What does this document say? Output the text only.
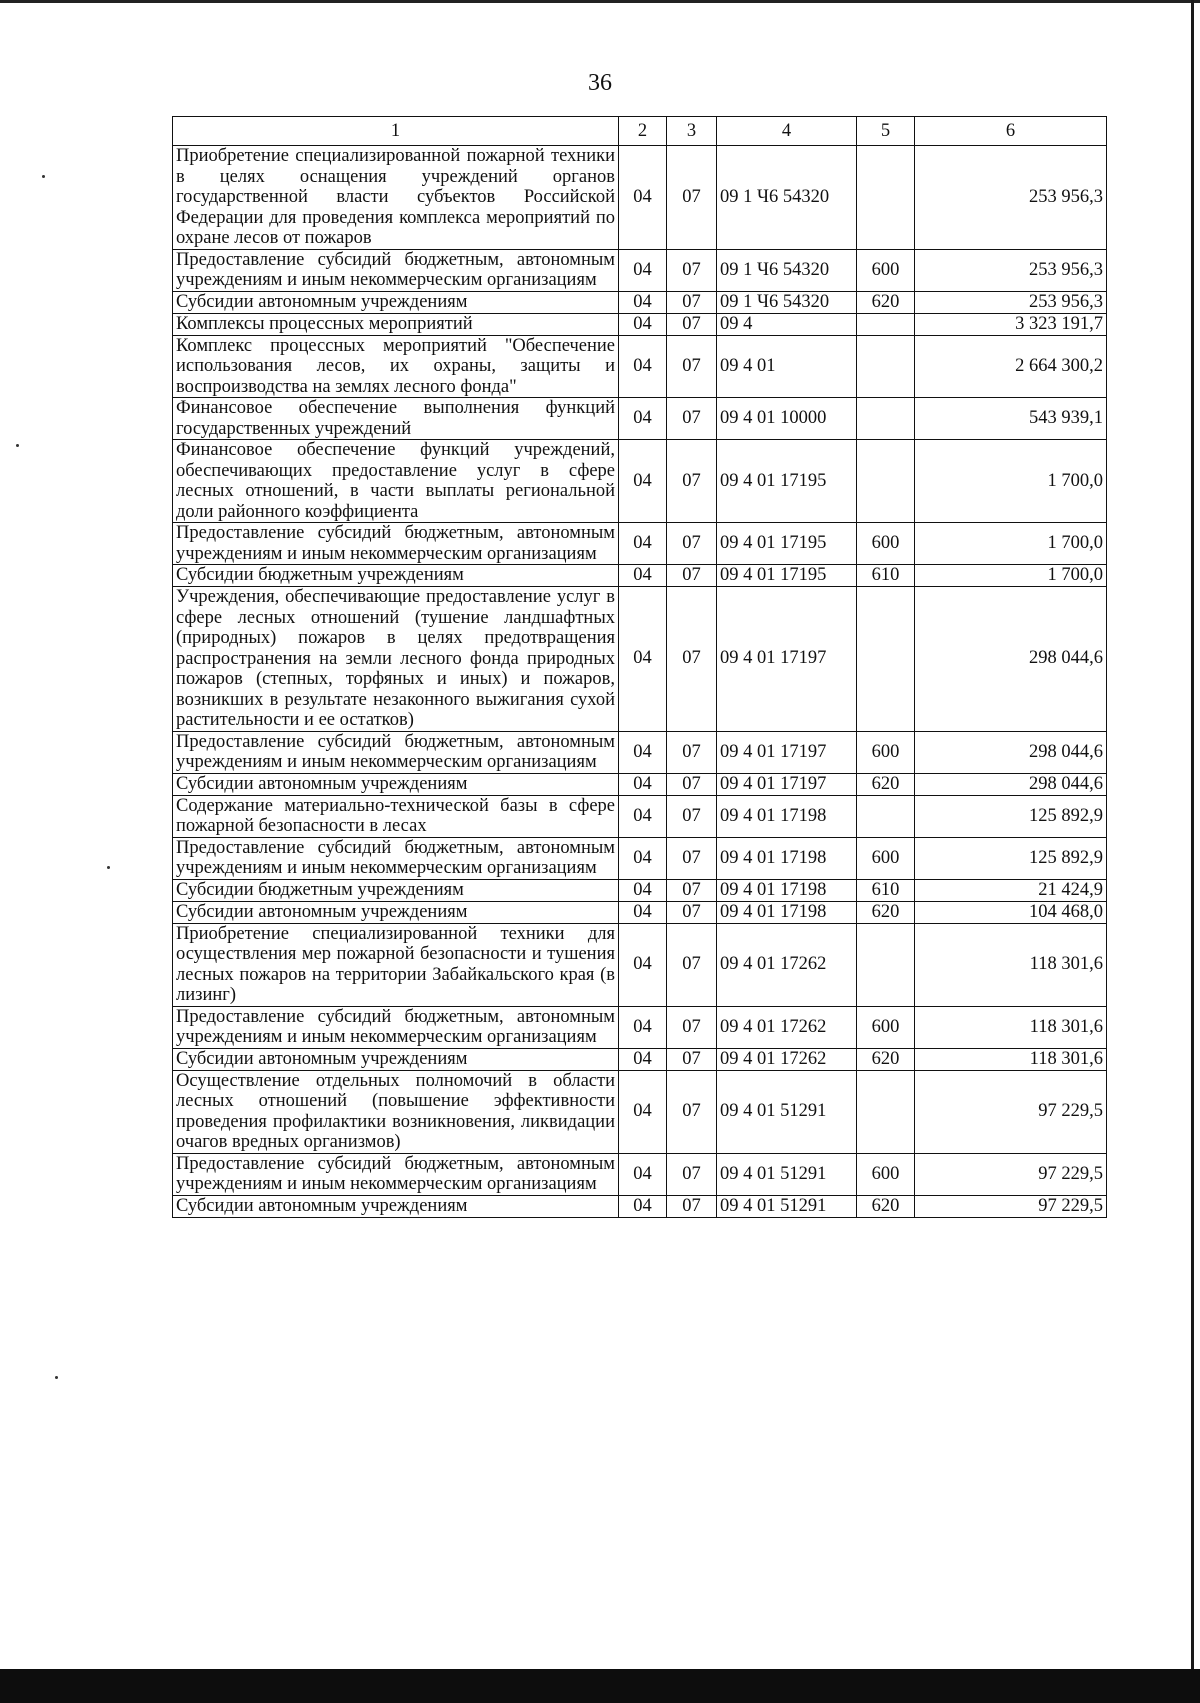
36
1	2	3	4	5	6
Приобретение специализированной пожарной техники в целях оснащения учреждений органов государственной власти субъектов Российской Федерации для проведения комплекса мероприятий по охране лесов от пожаров	04	07	09 1 Ч6 54320		253 956,3
Предоставление субсидий бюджетным, автономным учреждениям и иным некоммерческим организациям	04	07	09 1 Ч6 54320	600	253 956,3
Субсидии автономным учреждениям	04	07	09 1 Ч6 54320	620	253 956,3
Комплексы процессных мероприятий	04	07	09 4		3 323 191,7
Комплекс процессных мероприятий "Обеспечение использования лесов, их охраны, защиты и воспроизводства на землях лесного фонда"	04	07	09 4 01		2 664 300,2
Финансовое обеспечение выполнения функций государственных учреждений	04	07	09 4 01 10000		543 939,1
Финансовое обеспечение функций учреждений, обеспечивающих предоставление услуг в сфере лесных отношений, в части выплаты региональной доли районного коэффициента	04	07	09 4 01 17195		1 700,0
Предоставление субсидий бюджетным, автономным учреждениям и иным некоммерческим организациям	04	07	09 4 01 17195	600	1 700,0
Субсидии бюджетным учреждениям	04	07	09 4 01 17195	610	1 700,0
Учреждения, обеспечивающие предоставление услуг в сфере лесных отношений (тушение ландшафтных (природных) пожаров в целях предотвращения распространения на земли лесного фонда природных пожаров (степных, торфяных и иных) и пожаров, возникших в результате незаконного выжигания сухой растительности и ее остатков)	04	07	09 4 01 17197		298 044,6
Предоставление субсидий бюджетным, автономным учреждениям и иным некоммерческим организациям	04	07	09 4 01 17197	600	298 044,6
Субсидии автономным учреждениям	04	07	09 4 01 17197	620	298 044,6
Содержание материально-технической базы в сфере пожарной безопасности в лесах	04	07	09 4 01 17198		125 892,9
Предоставление субсидий бюджетным, автономным учреждениям и иным некоммерческим организациям	04	07	09 4 01 17198	600	125 892,9
Субсидии бюджетным учреждениям	04	07	09 4 01 17198	610	21 424,9
Субсидии автономным учреждениям	04	07	09 4 01 17198	620	104 468,0
Приобретение специализированной техники для осуществления мер пожарной безопасности и тушения лесных пожаров на территории Забайкальского края (в лизинг)	04	07	09 4 01 17262		118 301,6
Предоставление субсидий бюджетным, автономным учреждениям и иным некоммерческим организациям	04	07	09 4 01 17262	600	118 301,6
Субсидии автономным учреждениям	04	07	09 4 01 17262	620	118 301,6
Осуществление отдельных полномочий в области лесных отношений (повышение эффективности проведения профилактики возникновения, ликвидации очагов вредных организмов)	04	07	09 4 01 51291		97 229,5
Предоставление субсидий бюджетным, автономным учреждениям и иным некоммерческим организациям	04	07	09 4 01 51291	600	97 229,5
Субсидии автономным учреждениям	04	07	09 4 01 51291	620	97 229,5
